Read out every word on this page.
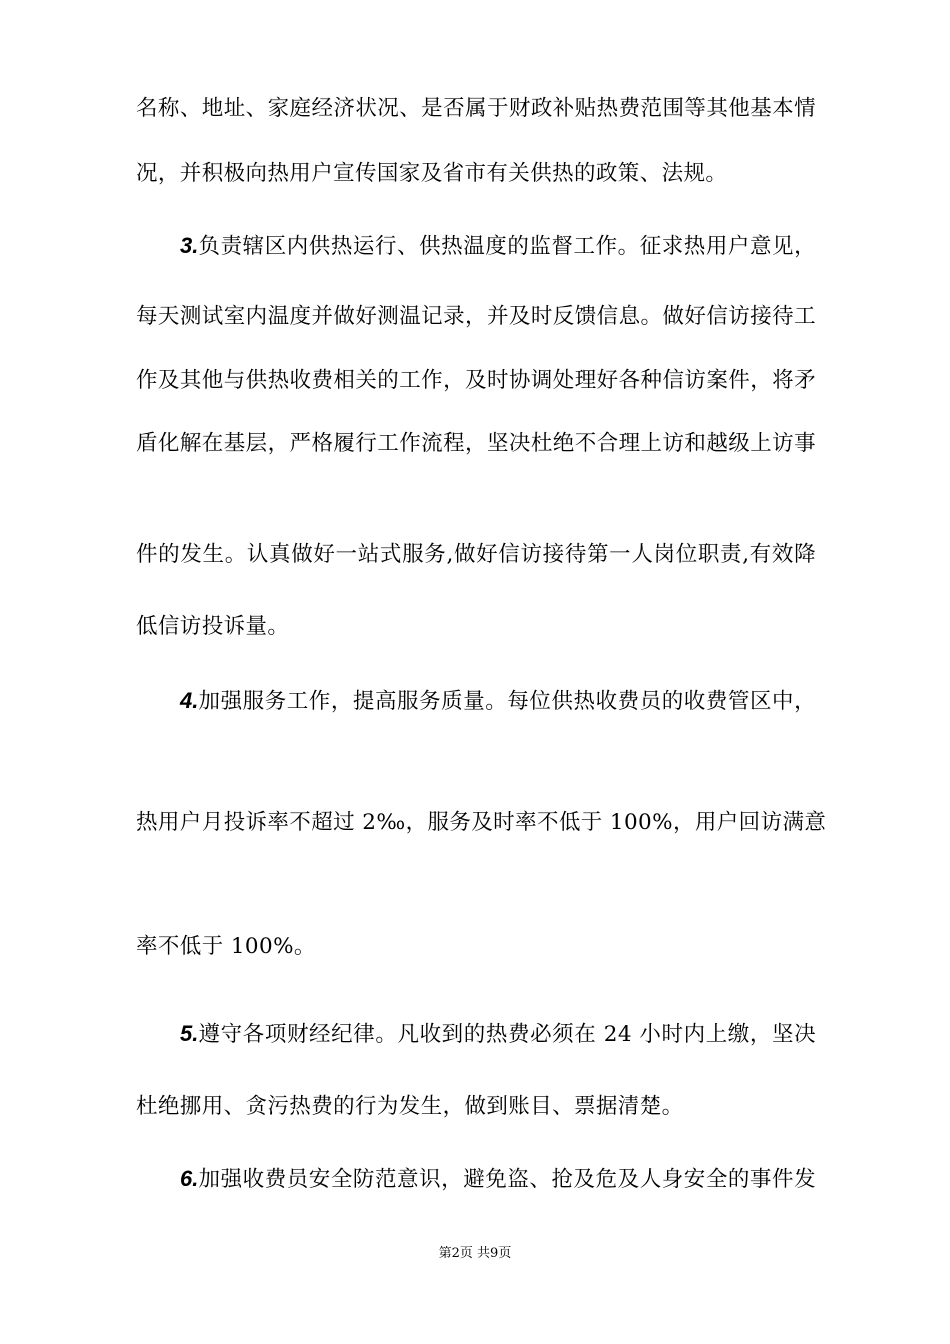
名称、地址、家庭经济状况、是否属于财政补贴热费范围等其他基本情
况，并积极向热用户宣传国家及省市有关供热的政策、法规。
3.负责辖区内供热运行、供热温度的监督工作。征求热用户意见，
每天测试室内温度并做好测温记录，并及时反馈信息。做好信访接待工
作及其他与供热收费相关的工作，及时协调处理好各种信访案件，将矛
盾化解在基层，严格履行工作流程，坚决杜绝不合理上访和越级上访事
件的发生。认真做好一站式服务,做好信访接待第一人岗位职责,有效降
低信访投诉量。
4.加强服务工作，提高服务质量。每位供热收费员的收费管区中，
热用户月投诉率不超过 2‰，服务及时率不低于 100%，用户回访满意
率不低于 100%。
5.遵守各项财经纪律。凡收到的热费必须在 24 小时内上缴，坚决
杜绝挪用、贪污热费的行为发生，做到账目、票据清楚。
6.加强收费员安全防范意识，避免盗、抢及危及人身安全的事件发
第2页 共9页
